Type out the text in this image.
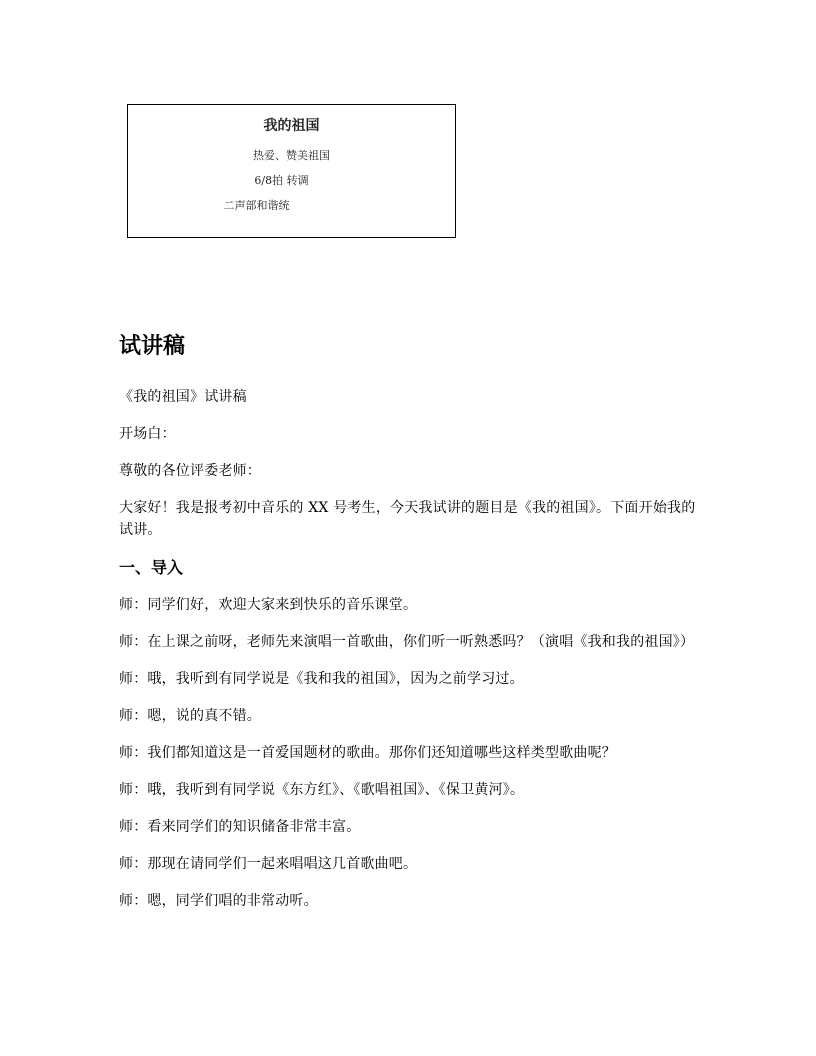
我的祖国
热爱、赞美祖国
6/8拍 转调
二声部和谐统
试讲稿

《我的祖国》试讲稿

开场白：

尊敬的各位评委老师：

大家好！我是报考初中音乐的 XX 号考生，今天我试讲的题目是《我的祖国》。下面开始我的试讲。

一、导入

师：同学们好，欢迎大家来到快乐的音乐课堂。

师：在上课之前呀，老师先来演唱一首歌曲，你们听一听熟悉吗？（演唱《我和我的祖国》）

师：哦，我听到有同学说是《我和我的祖国》，因为之前学习过。

师：嗯，说的真不错。

师：我们都知道这是一首爱国题材的歌曲。那你们还知道哪些这样类型歌曲呢？

师：哦，我听到有同学说《东方红》、《歌唱祖国》、《保卫黄河》。

师：看来同学们的知识储备非常丰富。

师：那现在请同学们一起来唱唱这几首歌曲吧。

师：嗯，同学们唱的非常动听。
